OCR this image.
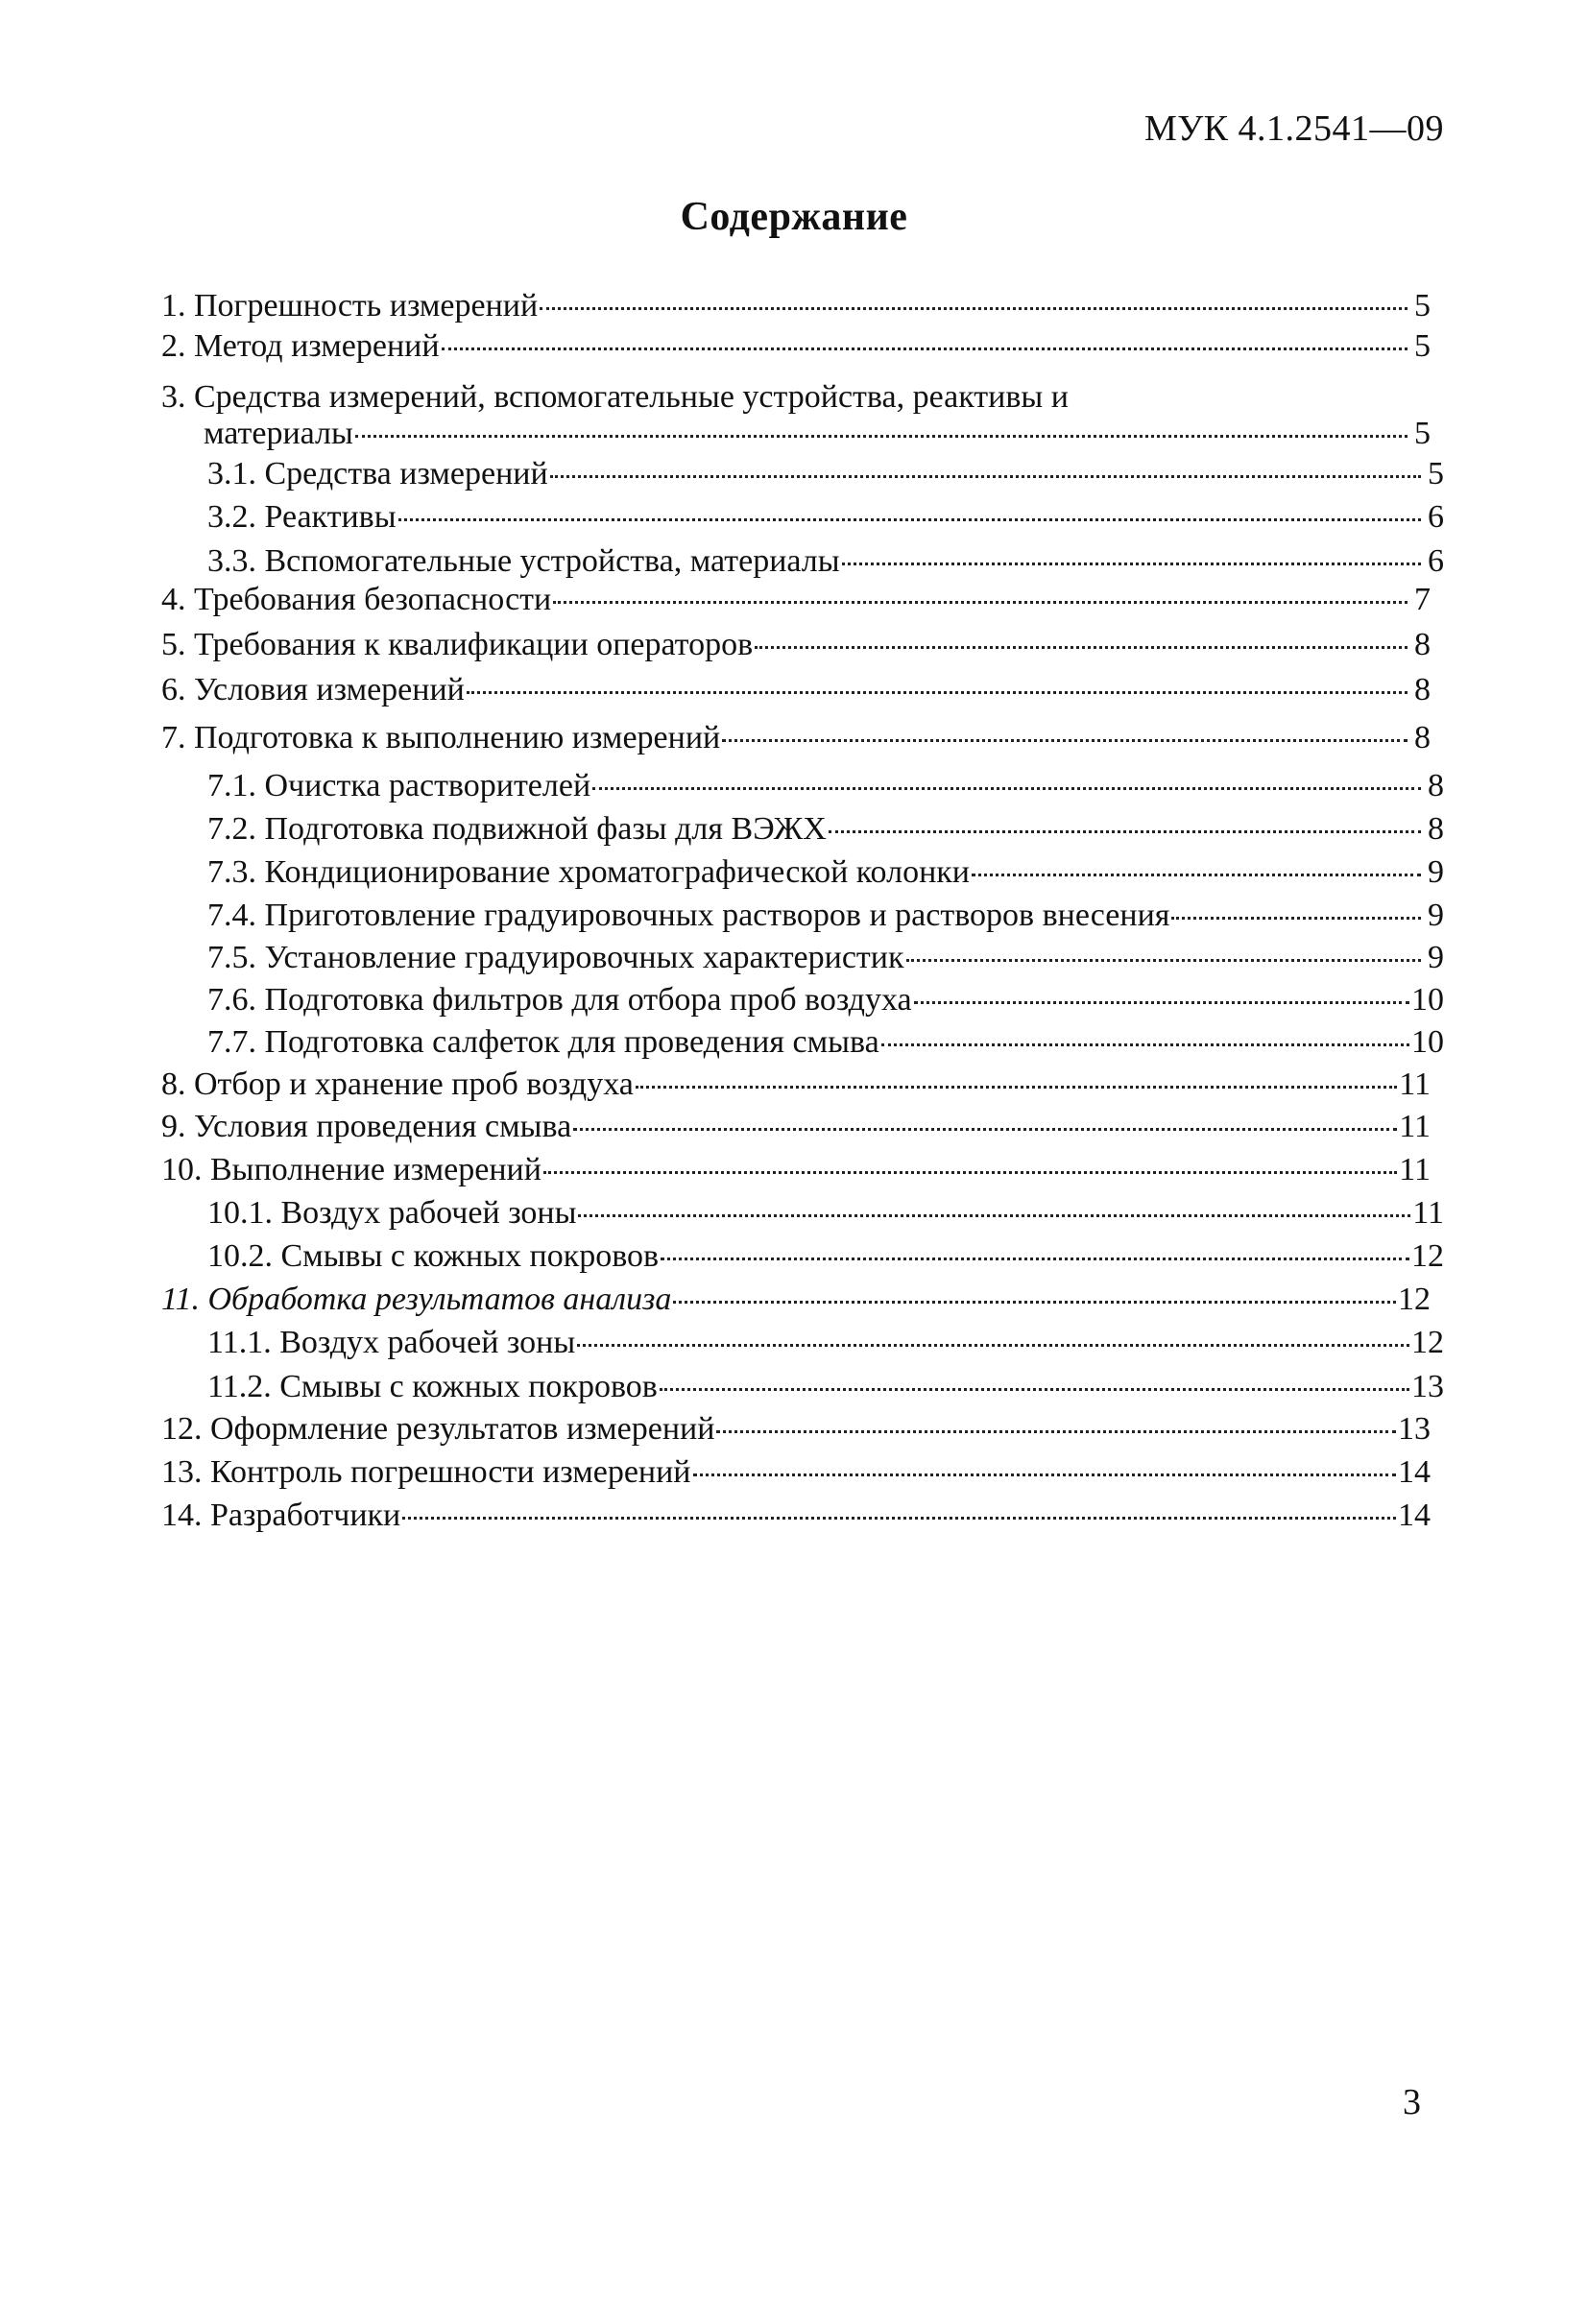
МУК 4.1.2541—09
Содержание
1. Погрешность измерений	5
2. Метод измерений	5
3. Средства измерений, вспомогательные устройства, реактивы и
материалы	5
3.1. Средства измерений	5
3.2. Реактивы	6
3.3. Вспомогательные устройства, материалы	6
4. Требования безопасности	7
5. Требования к квалификации операторов	8
6. Условия измерений	8
7. Подготовка к выполнению измерений	8
7.1. Очистка растворителей	8
7.2. Подготовка подвижной фазы для ВЭЖХ	8
7.3. Кондиционирование хроматографической колонки	9
7.4. Приготовление градуировочных растворов и растворов внесения	9
7.5. Установление градуировочных характеристик	9
7.6. Подготовка фильтров для отбора проб воздуха	10
7.7. Подготовка салфеток для проведения смыва	10
8. Отбор и хранение проб воздуха	11
9. Условия проведения смыва	11
10. Выполнение измерений	11
10.1. Воздух рабочей зоны	11
10.2. Смывы с кожных покровов	12
11. Обработка результатов анализа	12
11.1. Воздух рабочей зоны	12
11.2. Смывы с кожных покровов	13
12. Оформление результатов измерений	13
13. Контроль погрешности измерений	14
14. Разработчики	14
3
